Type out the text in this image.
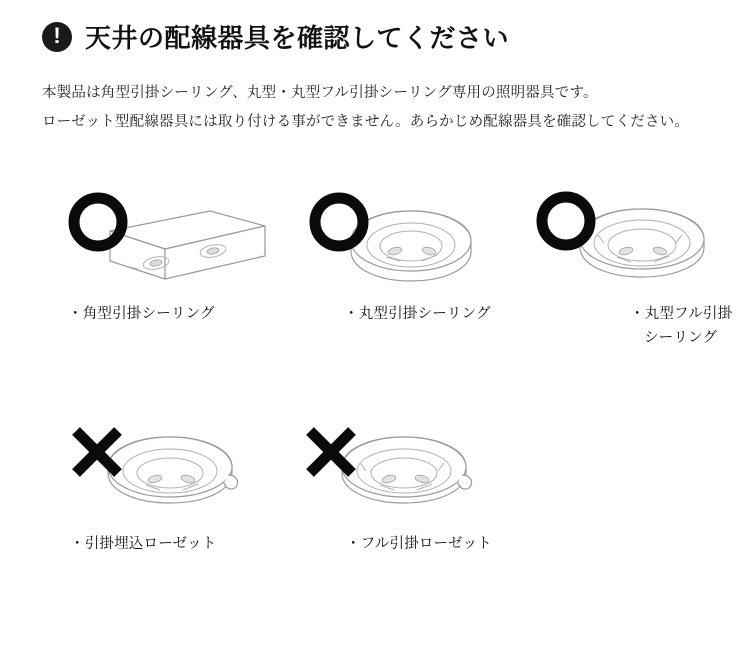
! 天井の配線器具を確認してください
本製品は角型引掛シーリング、丸型・丸型フル引掛シーリング専用の照明器具です。
ローゼット型配線器具には取り付ける事ができません。あらかじめ配線器具を確認してください。
・角型引掛シーリング	・丸型引掛シーリング	・丸型フル引掛
シーリング
・引掛埋込ローゼット	・フル引掛ローゼット
